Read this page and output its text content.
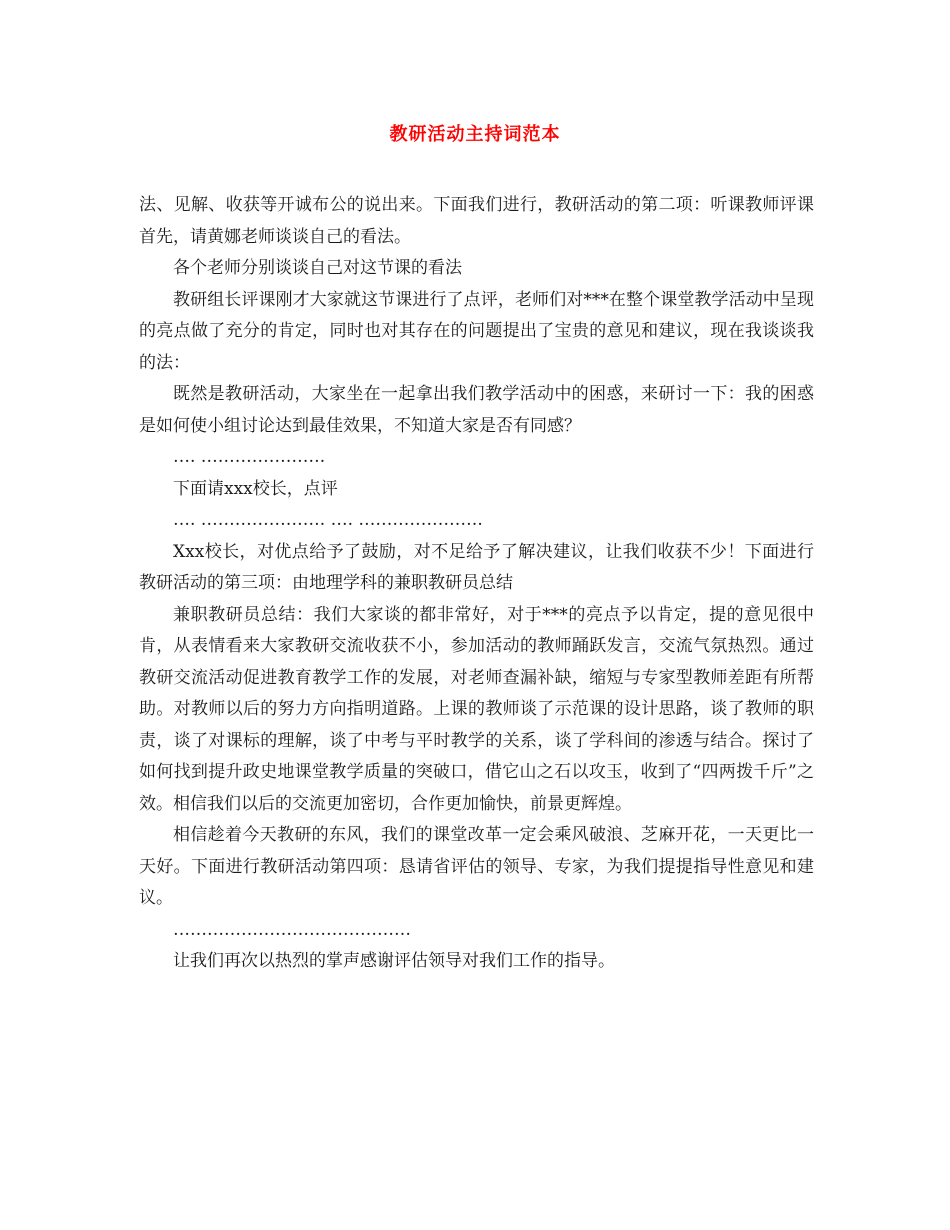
教研活动主持词范本

法、见解、收获等开诚布公的说出来。下面我们进行，教研活动的第二项：听课教师评课 首先，请黄娜老师谈谈自己的看法。

各个老师分别谈谈自己对这节课的看法

教研组长评课刚才大家就这节课进行了点评，老师们对***在整个课堂教学活动中呈现的亮点做了充分的肯定，同时也对其存在的问题提出了宝贵的意见和建议，现在我谈谈我的法：

既然是教研活动，大家坐在一起拿出我们教学活动中的困惑，来研讨一下：我的困惑是如何使小组讨论达到最佳效果，不知道大家是否有同感？

…. ………………….

下面请xxx校长，点评

…. …………………. …. ………………….

Xxx校长，对优点给予了鼓励，对不足给予了解决建议，让我们收获不少！下面进行教研活动的第三项：由地理学科的兼职教研员总结

兼职教研员总结：我们大家谈的都非常好，对于***的亮点予以肯定，提的意见很中肯，从表情看来大家教研交流收获不小，参加活动的教师踊跃发言，交流气氛热烈。通过教研交流活动促进教育教学工作的发展，对老师查漏补缺，缩短与专家型教师差距有所帮助。对教师以后的努力方向指明道路。上课的教师谈了示范课的设计思路，谈了教师的职责，谈了对课标的理解，谈了中考与平时教学的关系，谈了学科间的渗透与结合。探讨了如何找到提升政史地课堂教学质量的突破口，借它山之石以攻玉，收到了“四两拨千斤”之效。相信我们以后的交流更加密切，合作更加愉快，前景更辉煌。

相信趁着今天教研的东风，我们的课堂改革一定会乘风破浪、芝麻开花，一天更比一天好。下面进行教研活动第四项：恳请省评估的领导、专家，为我们提提指导性意见和建议。

……………………………………

让我们再次以热烈的掌声感谢评估领导对我们工作的指导。
